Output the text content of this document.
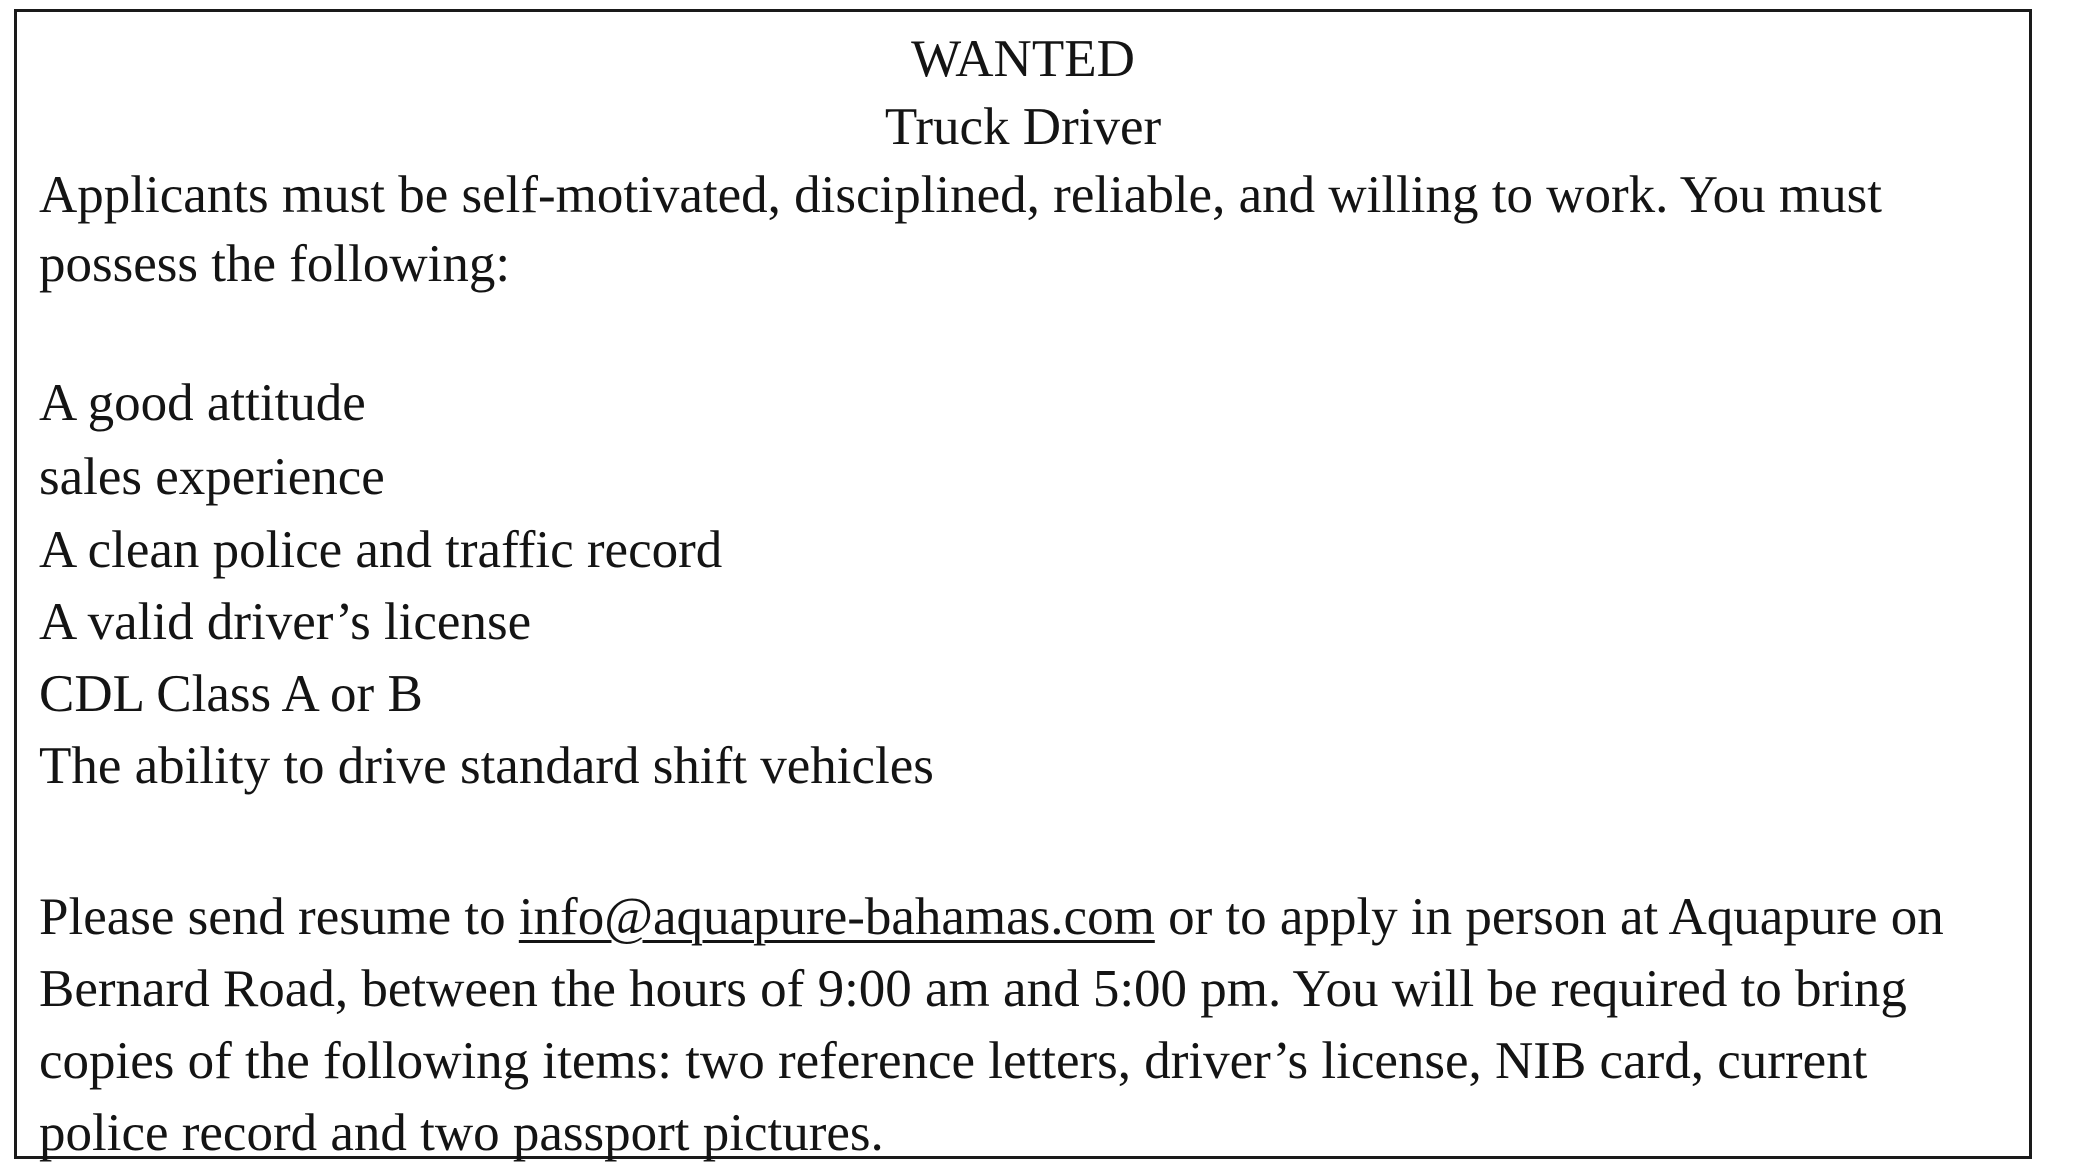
WANTED
Truck Driver
Applicants must be self-motivated, disciplined, reliable, and willing to work. You must
possess the following:
A good attitude
sales experience
A clean police and traffic record
A valid driver’s license
CDL Class A or B
The ability to drive standard shift vehicles
Please send resume to info@aquapure-bahamas.com or to apply in person at Aquapure on
Bernard Road, between the hours of 9:00 am and 5:00 pm. You will be required to bring
copies of the following items: two reference letters, driver’s license, NIB card, current
police record and two passport pictures.
